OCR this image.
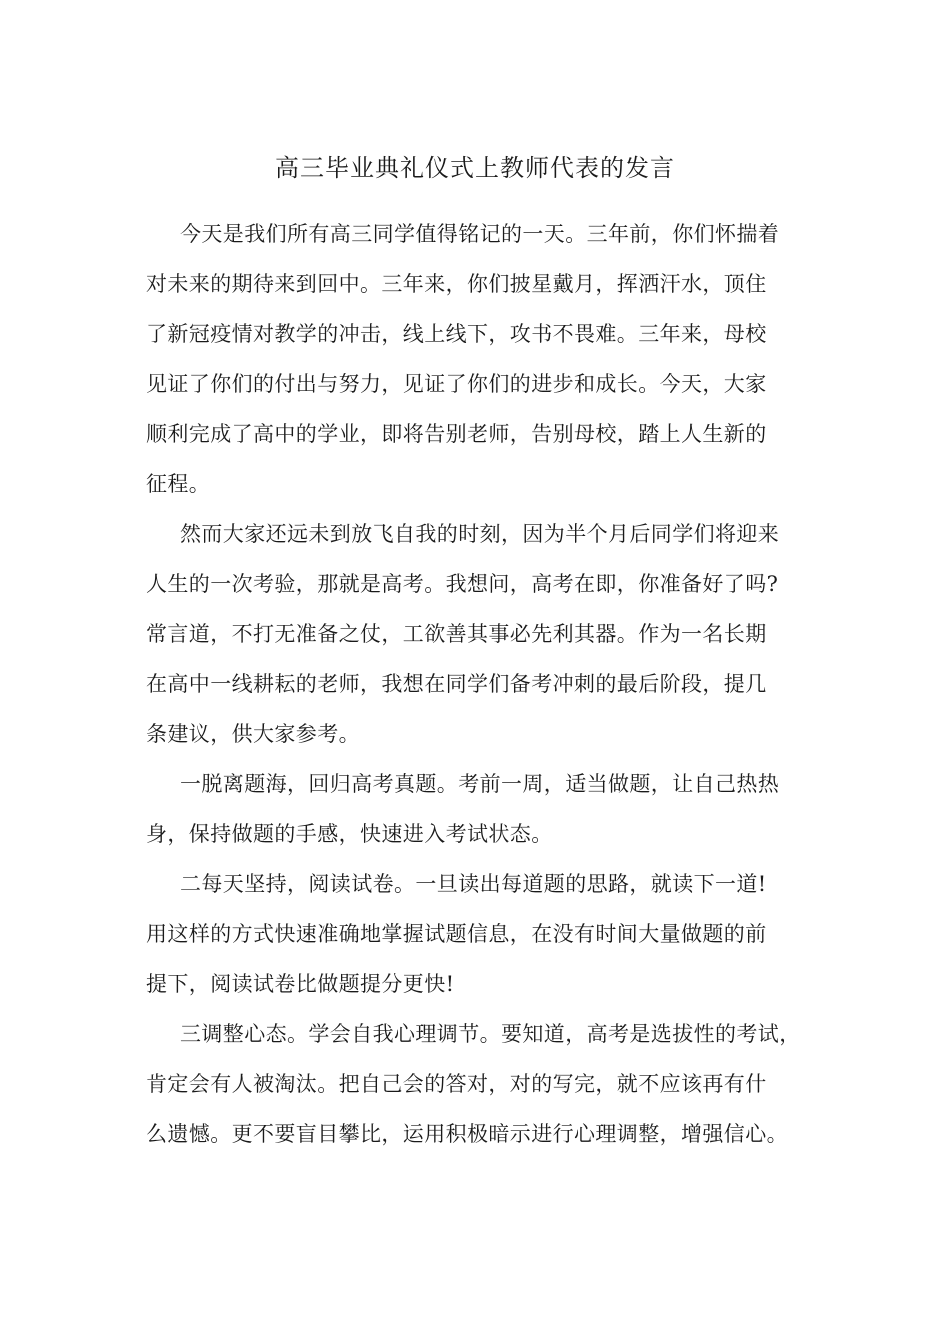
高三毕业典礼仪式上教师代表的发言
今天是我们所有高三同学值得铭记的一天。三年前，你们怀揣着
对未来的期待来到回中。三年来，你们披星戴月，挥洒汗水，顶住
了新冠疫情对教学的冲击，线上线下，攻书不畏难。三年来，母校
见证了你们的付出与努力，见证了你们的进步和成长。今天，大家
顺利完成了高中的学业，即将告别老师，告别母校，踏上人生新的
征程。
然而大家还远未到放飞自我的时刻，因为半个月后同学们将迎来
人生的一次考验，那就是高考。我想问，高考在即，你准备好了吗?
常言道，不打无准备之仗，工欲善其事必先利其器。作为一名长期
在高中一线耕耘的老师，我想在同学们备考冲刺的最后阶段，提几
条建议，供大家参考。
一脱离题海，回归高考真题。考前一周，适当做题，让自己热热
身，保持做题的手感，快速进入考试状态。
二每天坚持，阅读试卷。一旦读出每道题的思路，就读下一道!
用这样的方式快速准确地掌握试题信息，在没有时间大量做题的前
提下，阅读试卷比做题提分更快!
三调整心态。学会自我心理调节。要知道，高考是选拔性的考试，
肯定会有人被淘汰。把自己会的答对，对的写完，就不应该再有什
么遗憾。更不要盲目攀比，运用积极暗示进行心理调整，增强信心。
